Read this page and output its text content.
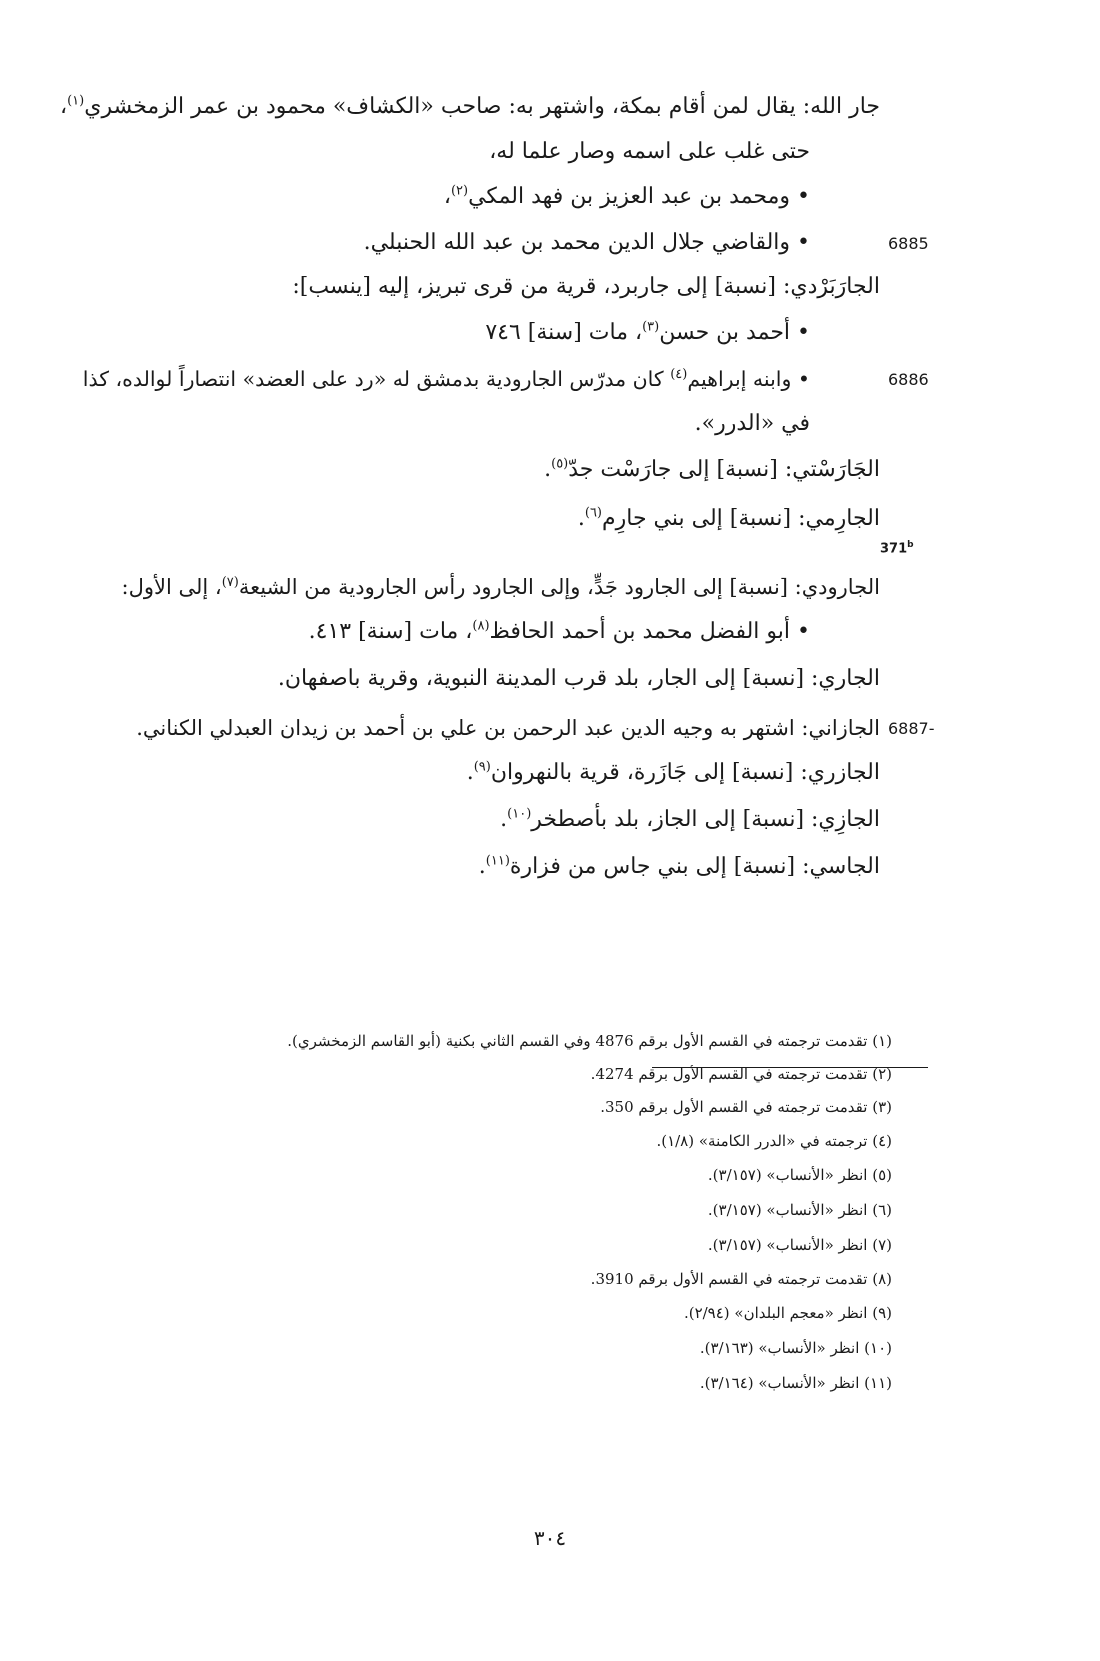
جار الله: يقال لمن أقام بمكة، واشتهر به: صاحب «الكشاف» محمود بن عمر الزمخشري$^{(١)}$،
حتى غلب على اسمه وصار علما له،
• ومحمد بن عبد العزيز بن فهد المكي$^{(٢)}$،
• والقاضي جلال الدين محمد بن عبد الله الحنبلي.
الجارَبَرْدي: [نسبة] إلى جاربرد، قرية من قرى تبريز، إليه [ينسب]:
• أحمد بن حسن$^{(٣)}$، مات [سنة] ٧٤٦
• وابنه إبراهيم$^{(٤)}$ كان مدرّس الجارودية بدمشق له «رد على العضد» انتصاراً لوالده، كذا
في «الدرر».
الجَارَسْتي: [نسبة] إلى جارَسْت جدّ$^{(٥)}$.
الجارِمي: [نسبة] إلى بني جارِم$^{(٦)}$.
الجارودي: [نسبة] إلى الجارود جَدٍّ، وإلى الجارود رأس الجارودية من الشيعة$^{(٧)}$، إلى الأول:
• أبو الفضل محمد بن أحمد الحافظ$^{(٨)}$، مات [سنة] ٤١٣.
الجاري: [نسبة] إلى الجار، بلد قرب المدينة النبوية، وقرية باصفهان.
الجازاني: اشتهر به وجيه الدين عبد الرحمن بن علي بن أحمد بن زيدان العبدلي الكناني.
الجازري: [نسبة] إلى جَازَرة، قرية بالنهروان$^{(٩)}$.
الجازِي: [نسبة] إلى الجاز، بلد بأصطخر$^{(١٠)}$.
الجاسي: [نسبة] إلى بني جاس من فزارة$^{(١١)}$.
6885
6886
6887-
371$^b$
(١) تقدمت ترجمته في القسم الأول برقم 4876 وفي القسم الثاني بكنية (أبو القاسم الزمخشري).
(٢) تقدمت ترجمته في القسم الأول برقم 4274.
(٣) تقدمت ترجمته في القسم الأول برقم 350.
(٤) ترجمته في «الدرر الكامنة» (١/٨).
(٥) انظر «الأنساب» (٣/١٥٧).
(٦) انظر «الأنساب» (٣/١٥٧).
(٧) انظر «الأنساب» (٣/١٥٧).
(٨) تقدمت ترجمته في القسم الأول برقم 3910.
(٩) انظر «معجم البلدان» (٢/٩٤).
(١٠) انظر «الأنساب» (٣/١٦٣).
(١١) انظر «الأنساب» (٣/١٦٤).
٣٠٤
